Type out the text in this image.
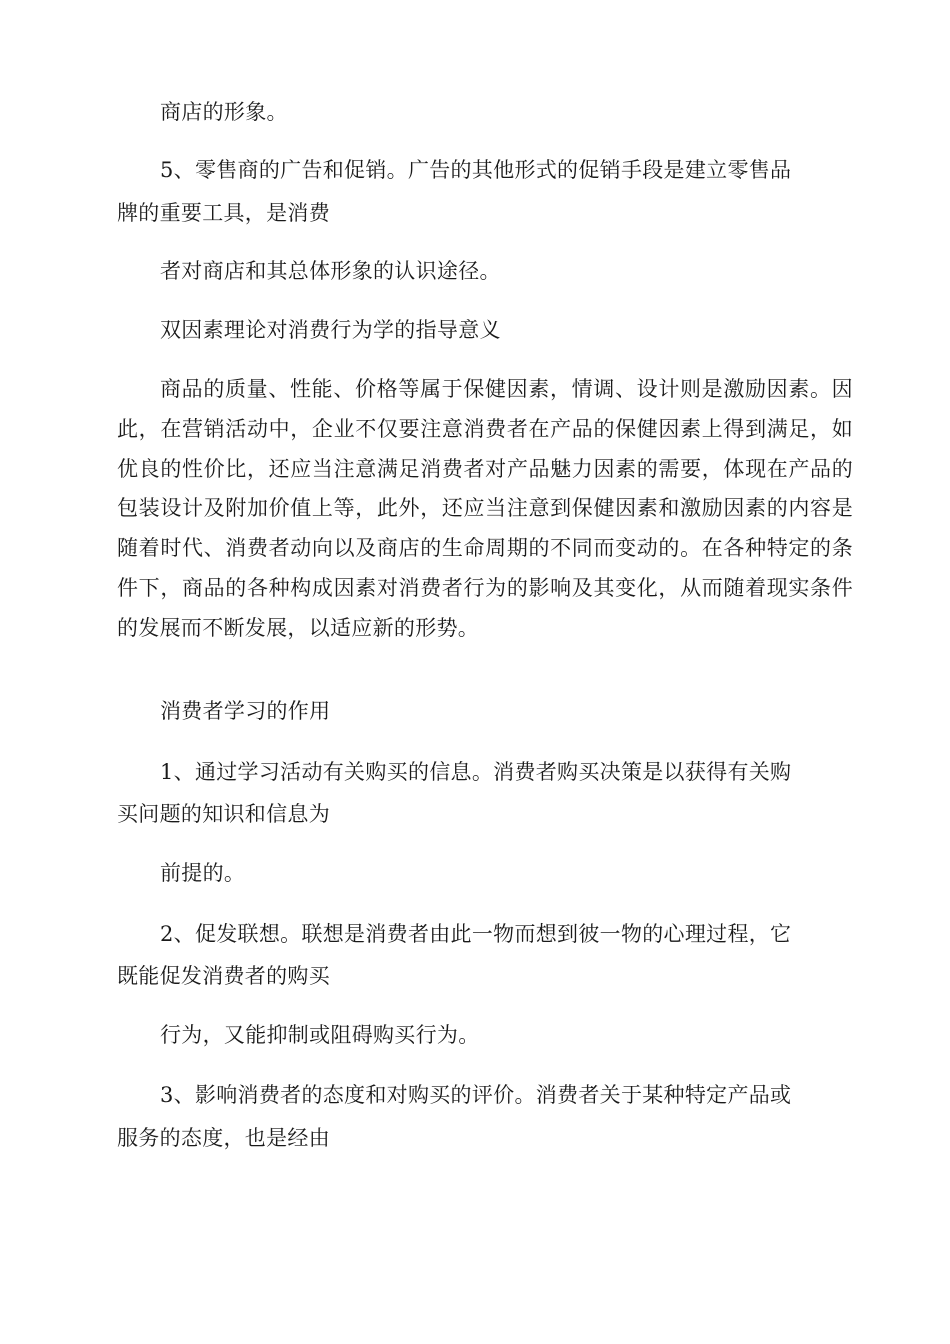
商店的形象。

5、零售商的广告和促销。广告的其他形式的促销手段是建立零售品

牌的重要工具，是消费

者对商店和其总体形象的认识途径。

双因素理论对消费行为学的指导意义

商品的质量、性能、价格等属于保健因素，情调、设计则是激励因素。因此，在营销活动中，企业不仅要注意消费者在产品的保健因素上得到满足，如优良的性价比，还应当注意满足消费者对产品魅力因素的需要，体现在产品的包装设计及附加价值上等，此外，还应当注意到保健因素和激励因素的内容是随着时代、消费者动向以及商店的生命周期的不同而变动的。在各种特定的条件下，商品的各种构成因素对消费者行为的影响及其变化，从而随着现实条件的发展而不断发展，以适应新的形势。

消费者学习的作用

1、通过学习活动有关购买的信息。消费者购买决策是以获得有关购

买问题的知识和信息为

前提的。

2、促发联想。联想是消费者由此一物而想到彼一物的心理过程，它

既能促发消费者的购买

行为，又能抑制或阻碍购买行为。

3、影响消费者的态度和对购买的评价。消费者关于某种特定产品或

服务的态度，也是经由
